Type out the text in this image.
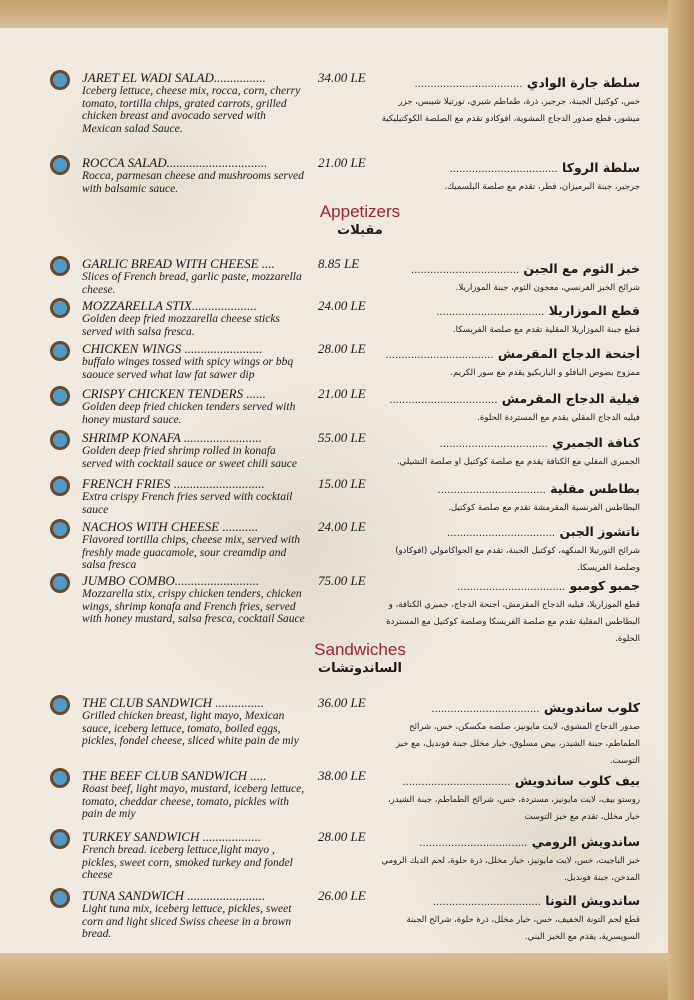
JARET EL WADI SALAD................
Iceberg lettuce, cheese mix, rocca, corn, cherry tomato, tortilla chips, grated carrots, grilled chicken breast and avocado served with Mexican salad Sauce.
34.00 LE	سلطة جارة الوادي ..................................
خس، كوكتيل الجبنة، جرجير، ذرة، طماطم شيري، تورتيلا شيبس، جزر ميشور، قطع صدور الدجاج المشوية، افوكادو تقدم مع الصلصة الكوكتيليكية
ROCCA SALAD...............................
Rocca, parmesan cheese and mushrooms served with balsamic sauce.
21.00 LE	سلطة الروكا ..................................
جرجير، جبنة البرميزان، فطر، تقدم مع صلصة البلسميك.
GARLIC BREAD WITH CHEESE ....
Slices of French bread, garlic paste, mozzarella cheese.
8.85 LE	خبز الثوم مع الجبن ..................................
شرائح الخبز الفرنسي، معجون الثوم، جبنة الموزاريلا.
MOZZARELLA STIX....................
Golden deep fried mozzarella cheese sticks served with salsa fresca.
24.00 LE	قطع الموزاريلا ..................................
قطع جبنة الموزاريلا المقلية تقدم مع صلصة الفريسكا.
CHICKEN WINGS ........................
buffalo winges tossed with spicy wings or bbq saouce served what law fat sawer dip
28.00 LE	أجنحة الدجاج المقرمش ..................................
ممزوج بصوص البافلو و الباربكيو يقدم مع سور الكريم.
CRISPY CHICKEN TENDERS ......
Golden deep fried chicken tenders served with honey mustard sauce.
21.00 LE	فيلية الدجاج المقرمش ..................................
فيليه الدجاج المقلي يقدم مع المستردة الحلوة.
SHRIMP KONAFA ........................
Golden deep fried shrimp rolled in konafa served with cocktail sauce or sweet chili sauce
55.00 LE	كنافة الجمبري ..................................
الجمبري المقلي مع الكنافة يقدم مع صلصة كوكتيل او صلصة التشيلي.
FRENCH FRIES ............................
Extra crispy French fries served with cocktail sauce
15.00 LE	بطاطس مقلية ..................................
البطاطس الفرنسية المقرمشة تقدم مع صلصة كوكتيل.
NACHOS WITH CHEESE ...........
Flavored tortilla chips, cheese mix, served with freshly made guacamole, sour creamdip and salsa fresca
24.00 LE	ناتشوز الجبن ..................................
شرائح التورتيلا المنكهه، كوكتيل الجبنة، تقدم مع الجواكامولي (افوكادو) وصلصة الفريسكا.
JUMBO COMBO..........................
Mozzarella stix, crispy chicken tenders, chicken wings, shrimp konafa and French fries, served with honey mustard, salsa fresca, cocktail Sauce
75.00 LE	جمبو كومبو ..................................
قطع الموزاريلا، فيليه الدجاج المقرمش، اجنحة الدجاج، جمبري الكنافة، و البطاطس المقلية تقدم مع صلصة الفريسكا وصلصة كوكتيل مع المستردة الحلوة.
THE CLUB SANDWICH ...............
Grilled chicken breast, light mayo, Mexican sauce, iceberg lettuce, tomato, boiled eggs, pickles, fondel cheese, sliced white pain de miy
36.00 LE	كلوب ساندويش ..................................
صدور الدجاج المشوي، لايت مايونيز، صلصه مكسكن، خس، شرائح الطماطم، جبنة الشيدر، بيض مسلوق، خيار مخلل جبنة فونديل، مع خبز التوست.
THE BEEF CLUB SANDWICH .....
Roast beef, light mayo, mustard, iceberg lettuce, tomato, cheddar cheese, tomato, pickles with pain de miy
38.00 LE	بيف كلوب ساندويش ..................................
روستو بيف، لايت مايونيز، مستردة، خس، شرائح الطماطم، جبنة الشيدر، خيار مخلل، تقدم مع خبز التوست
TURKEY SANDWICH ..................
French bread. iceberg lettuce,light mayo , pickles, sweet corn, smoked turkey and fondel cheese
28.00 LE	ساندويش الرومي ..................................
خبز الباجيت، خس، لايت مايونيز، خيار مخلل، ذرة حلوة، لحم الديك الرومي المدخن، جبنة فونديل.
TUNA SANDWICH ........................
Light tuna mix, iceberg lettuce, pickles, sweet corn and light sliced Swiss cheese in a brown bread.
26.00 LE	ساندويش التونا ..................................
قطع لحم التونة الخفيف، خس، خيار مخلل، ذرة حلوة، شرائح الجبنة السويسرية، يقدم مع الخبز البني.
Appetizers
مقبلات
Sandwiches
الساندوتشات
